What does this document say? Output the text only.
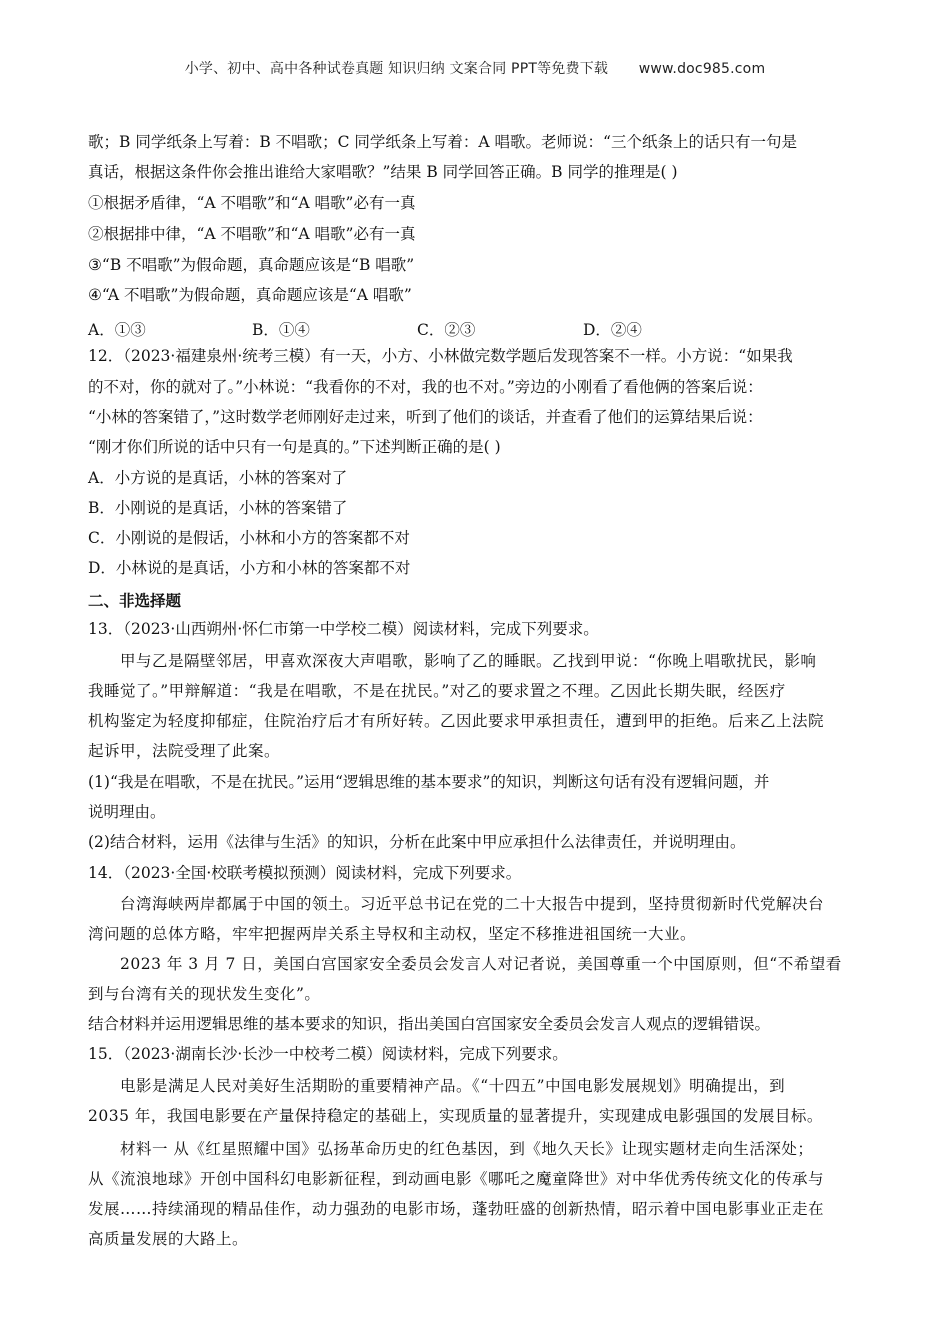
小学、初中、高中各种试卷真题 知识归纳 文案合同 PPT等免费下载 www.doc985.com
歌；B 同学纸条上写着：B 不唱歌；C 同学纸条上写着：A 唱歌。老师说：“三个纸条上的话只有一句是
真话，根据这条件你会推出谁给大家唱歌？”结果 B 同学回答正确。B 同学的推理是( )
①根据矛盾律，“A 不唱歌”和“A 唱歌”必有一真
②根据排中律，“A 不唱歌”和“A 唱歌”必有一真
③“B 不唱歌”为假命题，真命题应该是“B 唱歌”
④“A 不唱歌”为假命题，真命题应该是“A 唱歌”
A．①③	B．①④	C．②③	D．②④
12．（2023·福建泉州·统考三模）有一天，小方、小林做完数学题后发现答案不一样。小方说：“如果我
的不对，你的就对了。”小林说：“我看你的不对，我的也不对。”旁边的小刚看了看他俩的答案后说：
“小林的答案错了，”这时数学老师刚好走过来，听到了他们的谈话，并查看了他们的运算结果后说：
“刚才你们所说的话中只有一句是真的。”下述判断正确的是( )
A．小方说的是真话，小林的答案对了
B．小刚说的是真话，小林的答案错了
C．小刚说的是假话，小林和小方的答案都不对
D．小林说的是真话，小方和小林的答案都不对
二、非选择题
13．（2023·山西朔州·怀仁市第一中学校二模）阅读材料，完成下列要求。
甲与乙是隔壁邻居，甲喜欢深夜大声唱歌，影响了乙的睡眠。乙找到甲说：“你晚上唱歌扰民，影响
我睡觉了。”甲辩解道：“我是在唱歌，不是在扰民。”对乙的要求置之不理。乙因此长期失眠，经医疗
机构鉴定为轻度抑郁症，住院治疗后才有所好转。乙因此要求甲承担责任，遭到甲的拒绝。后来乙上法院
起诉甲，法院受理了此案。
(1)“我是在唱歌，不是在扰民。”运用“逻辑思维的基本要求”的知识，判断这句话有没有逻辑问题，并
说明理由。
(2)结合材料，运用《法律与生活》的知识，分析在此案中甲应承担什么法律责任，并说明理由。
14．（2023·全国·校联考模拟预测）阅读材料，完成下列要求。
台湾海峡两岸都属于中国的领土。习近平总书记在党的二十大报告中提到，坚持贯彻新时代党解决台
湾问题的总体方略，牢牢把握两岸关系主导权和主动权，坚定不移推进祖国统一大业。
2023 年 3 月 7 日，美国白宫国家安全委员会发言人对记者说，美国尊重一个中国原则，但“不希望看
到与台湾有关的现状发生变化”。
结合材料并运用逻辑思维的基本要求的知识，指出美国白宫国家安全委员会发言人观点的逻辑错误。
15．（2023·湖南长沙·长沙一中校考二模）阅读材料，完成下列要求。
电影是满足人民对美好生活期盼的重要精神产品。《“十四五”中国电影发展规划》明确提出，到
2035 年，我国电影要在产量保持稳定的基础上，实现质量的显著提升，实现建成电影强国的发展目标。
材料一 从《红星照耀中国》弘扬革命历史的红色基因，到《地久天长》让现实题材走向生活深处；
从《流浪地球》开创中国科幻电影新征程，到动画电影《哪吒之魔童降世》对中华优秀传统文化的传承与
发展……持续涌现的精品佳作，动力强劲的电影市场，蓬勃旺盛的创新热情，昭示着中国电影事业正走在
高质量发展的大路上。
